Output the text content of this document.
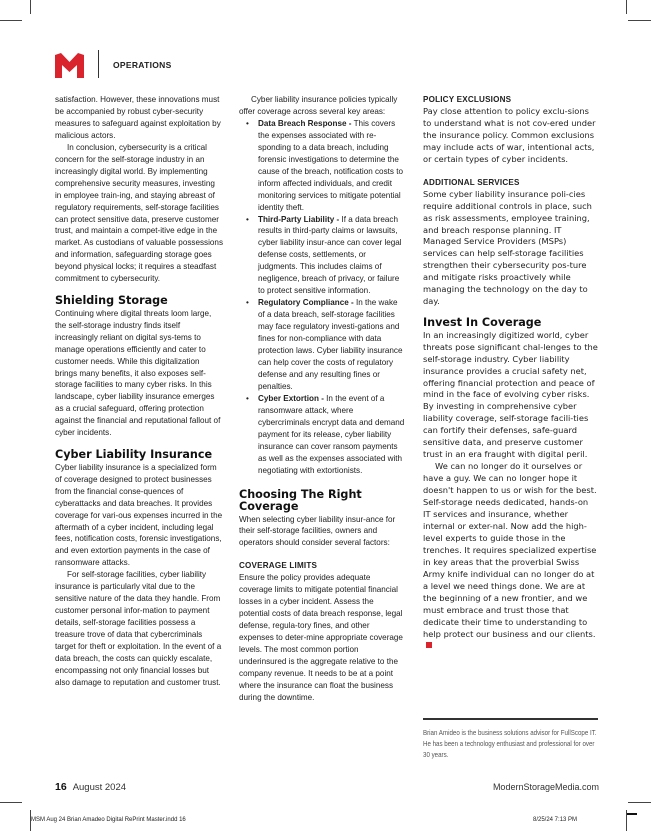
OPERATIONS

satisfaction. However, these innovations must be accompanied by robust cyber-security measures to safeguard against exploitation by malicious actors.

In conclusion, cybersecurity is a critical concern for the self-storage industry in an increasingly digital world. By implementing comprehensive security measures, investing in employee train-ing, and staying abreast of regulatory requirements, self-storage facilities can protect sensitive data, preserve customer trust, and maintain a compet-itive edge in the market. As custodians of valuable possessions and information, safeguarding storage goes beyond physical locks; it requires a steadfast commitment to cybersecurity.

Shielding Storage

Continuing where digital threats loom large, the self-storage industry finds itself increasingly reliant on digital sys-tems to manage operations efficiently and cater to customer needs. While this digitalization brings many benefits, it also exposes self-storage facilities to many cyber risks. In this landscape, cyber liability insurance emerges as a crucial safeguard, offering protection against the financial and reputational fallout of cyber incidents.

Cyber Liability Insurance

Cyber liability insurance is a specialized form of coverage designed to protect businesses from the financial conse-quences of cyberattacks and data breaches. It provides coverage for vari-ous expenses incurred in the aftermath of a cyber incident, including legal fees, notification costs, forensic investigations, and even extortion payments in the case of ransomware attacks.

For self-storage facilities, cyber liability insurance is particularly vital due to the sensitive nature of the data they handle. From customer personal infor-mation to payment details, self-storage facilities possess a treasure trove of data that cybercriminals target for theft or exploitation. In the event of a data breach, the costs can quickly escalate, encompassing not only financial losses but also damage to reputation and customer trust.

Cyber liability insurance policies typically offer coverage across several key areas:

• Data Breach Response - This covers the expenses associated with re-sponding to a data breach, including forensic investigations to determine the cause of the breach, notification costs to inform affected individuals, and credit monitoring services to mitigate potential identity theft.
• Third-Party Liability - If a data breach results in third-party claims or lawsuits, cyber liability insur-ance can cover legal defense costs, settlements, or judgments. This includes claims of negligence, breach of privacy, or failure to protect sensitive information.
• Regulatory Compliance - In the wake of a data breach, self-storage facilities may face regulatory investi-gations and fines for non-compliance with data protection laws. Cyber liability insurance can help cover the costs of regulatory defense and any resulting fines or penalties.
• Cyber Extortion - In the event of a ransomware attack, where cybercriminals encrypt data and demand payment for its release, cyber liability insurance can cover ransom payments as well as the expenses associated with negotiating with extortionists.
Choosing The Right Coverage

When selecting cyber liability insur-ance for their self-storage facilities, owners and operators should consider several factors:

COVERAGE LIMITS

Ensure the policy provides adequate coverage limits to mitigate potential financial losses in a cyber incident. Assess the potential costs of data breach response, legal defense, regula-tory fines, and other expenses to deter-mine appropriate coverage levels. The most common portion underinsured is the aggregate relative to the company revenue. It needs to be at a point where the insurance can float the business during the downtime.

POLICY EXCLUSIONS

Pay close attention to policy exclu-sions to understand what is not cov-ered under the insurance policy. Common exclusions may include acts of war, intentional acts, or certain types of cyber incidents.

ADDITIONAL SERVICES

Some cyber liability insurance poli-cies require additional controls in place, such as risk assessments, employee training, and breach response planning. IT Managed Service Providers (MSPs) services can help self-storage facilities strengthen their cybersecurity pos-ture and mitigate risks proactively while managing the technology on the day to day.

Invest In Coverage

In an increasingly digitized world, cyber threats pose significant chal-lenges to the self-storage industry. Cyber liability insurance provides a crucial safety net, offering financial protection and peace of mind in the face of evolving cyber risks. By investing in comprehensive cyber liability coverage, self-storage facili-ties can fortify their defenses, safe-guard sensitive data, and preserve customer trust in an era fraught with digital peril.

We can no longer do it ourselves or have a guy. We can no longer hope it doesn't happen to us or wish for the best. Self-storage needs dedicated, hands-on IT services and insurance, whether internal or exter-nal. Now add the high-level experts to guide those in the trenches. It requires specialized expertise in key areas that the proverbial Swiss Army knife individual can no longer do at a level we need things done. We are at the beginning of a new frontier, and we must embrace and trust those that dedicate their time to understanding to help protect our business and our clients.

Brian Amideo is the business solutions advisor for FullScope IT. He has been a technology enthusiast and professional for over 30 years.
16 August 2024	ModernStorageMedia.com
MSM Aug 24 Brian Amadeo Digital RePrint Master.indd 16	8/25/24 7:13 PM
